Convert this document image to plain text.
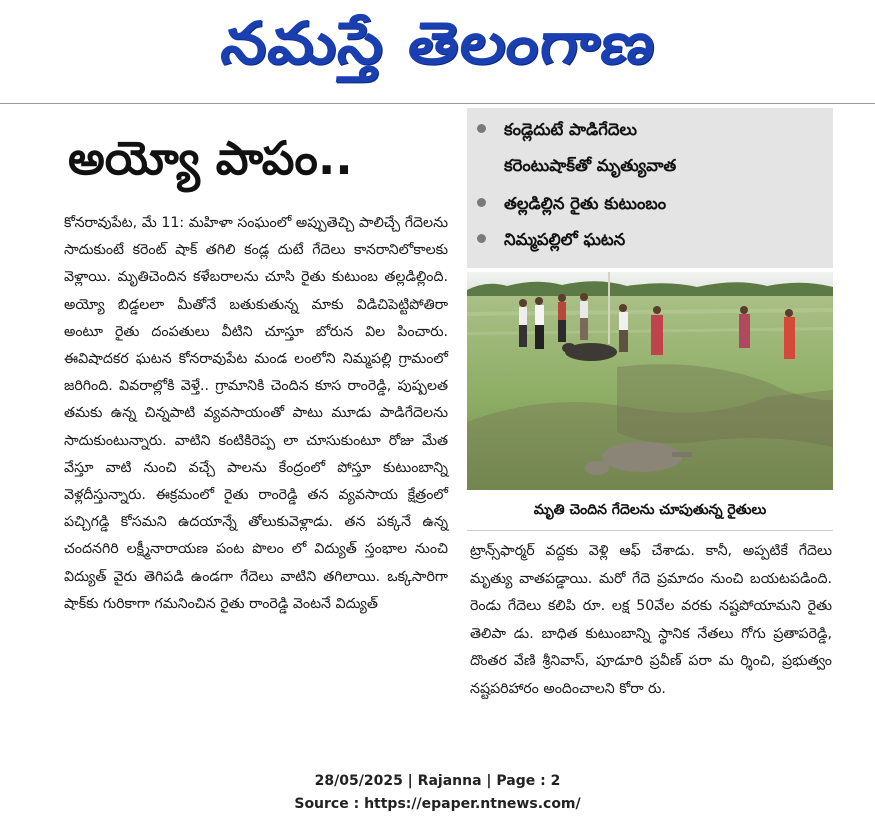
నమస్తే తెలంగాణ
అయ్యో పాపం..

కోనరావుపేట, మే 11: మహిళా సంఘంలో అప్పుతెచ్చి పాలిచ్చే గేదెలను సాదుకుంటే కరెంట్ షాక్ తగిలి కండ్ల దుటే గేదెలు కానరానిలోకాలకు వెళ్లాయి. మృతిచెందిన కళేబరాలను చూసి రైతు కుటుంబ తల్లడిల్లింది. అయ్యో బిడ్డలలా మీతోనే బతుకుతున్న మాకు విడిచిపెట్టిపోతిరా అంటూ రైతు దంపతులు వీటిని చూస్తూ బోరున విల పించారు. ఈవిషాదకర ఘటన కోనరావుపేట మండ లంలోని నిమ్మపల్లి గ్రామంలో జరిగింది. వివరాల్లోకి వెళ్తే.. గ్రామానికి చెందిన కూస రాంరెడ్డి, పుష్పలత తమకు ఉన్న చిన్నపాటి వ్యవసాయంతో పాటు మూడు పాడిగేదెలను సాదుకుంటున్నారు. వాటిని కంటికిరెప్ప లా చూసుకుంటూ రోజు మేత వేస్తూ వాటి నుంచి వచ్చే పాలను కేంద్రంలో పోస్తూ కుటుంబాన్ని వెళ్లదీస్తున్నారు. ఈక్రమంలో రైతు రాంరెడ్డి తన వ్యవసాయ క్షేత్రంలో పచ్చిగడ్డి కోసమని ఉదయాన్నే తోలుకువెళ్లాడు. తన పక్కనే ఉన్న చందనగిరి లక్ష్మీనారాయణ పంట పొలం లో విద్యుత్ స్తంభాల నుంచి విద్యుత్ వైరు తెగిపడి ఉండగా గేదెలు వాటిని తగిలాయి. ఒక్కసారిగా షాక్‌కు గురికాగా గమనించిన రైతు రాంరెడ్డి వెంటనే విద్యుత్

కండ్లెదుటే పాడిగేదెలు
కరెంటుషాక్‌తో మృత్యువాత
తల్లడిల్లిన రైతు కుటుంబం
నిమ్మపల్లిలో ఘటన
మృతి చెందిన గేదెలను చూపుతున్న రైతులు

ట్రాన్స్‌ఫార్మర్ వద్దకు వెళ్లి ఆఫ్ చేశాడు. కానీ, అప్పటికే గేదెలు మృత్యు వాతపడ్డాయి. మరో గేదె ప్రమాదం నుంచి బయటపడింది. రెండు గేదెలు కలిపి రూ. లక్ష 50వేల వరకు నష్టపోయామని రైతు తెలిపా డు. బాధిత కుటుంబాన్ని స్థానిక నేతలు గోగు ప్రతాపరెడ్డి, దొంతర వేణి శ్రీనివాస్, పూడూరి ప్రవీణ్ పరా మ ర్శించి, ప్రభుత్వం నష్టపరిహారం అందించాలని కోరా రు.

28/05/2025 | Rajanna | Page : 2
Source : https://epaper.ntnews.com/
